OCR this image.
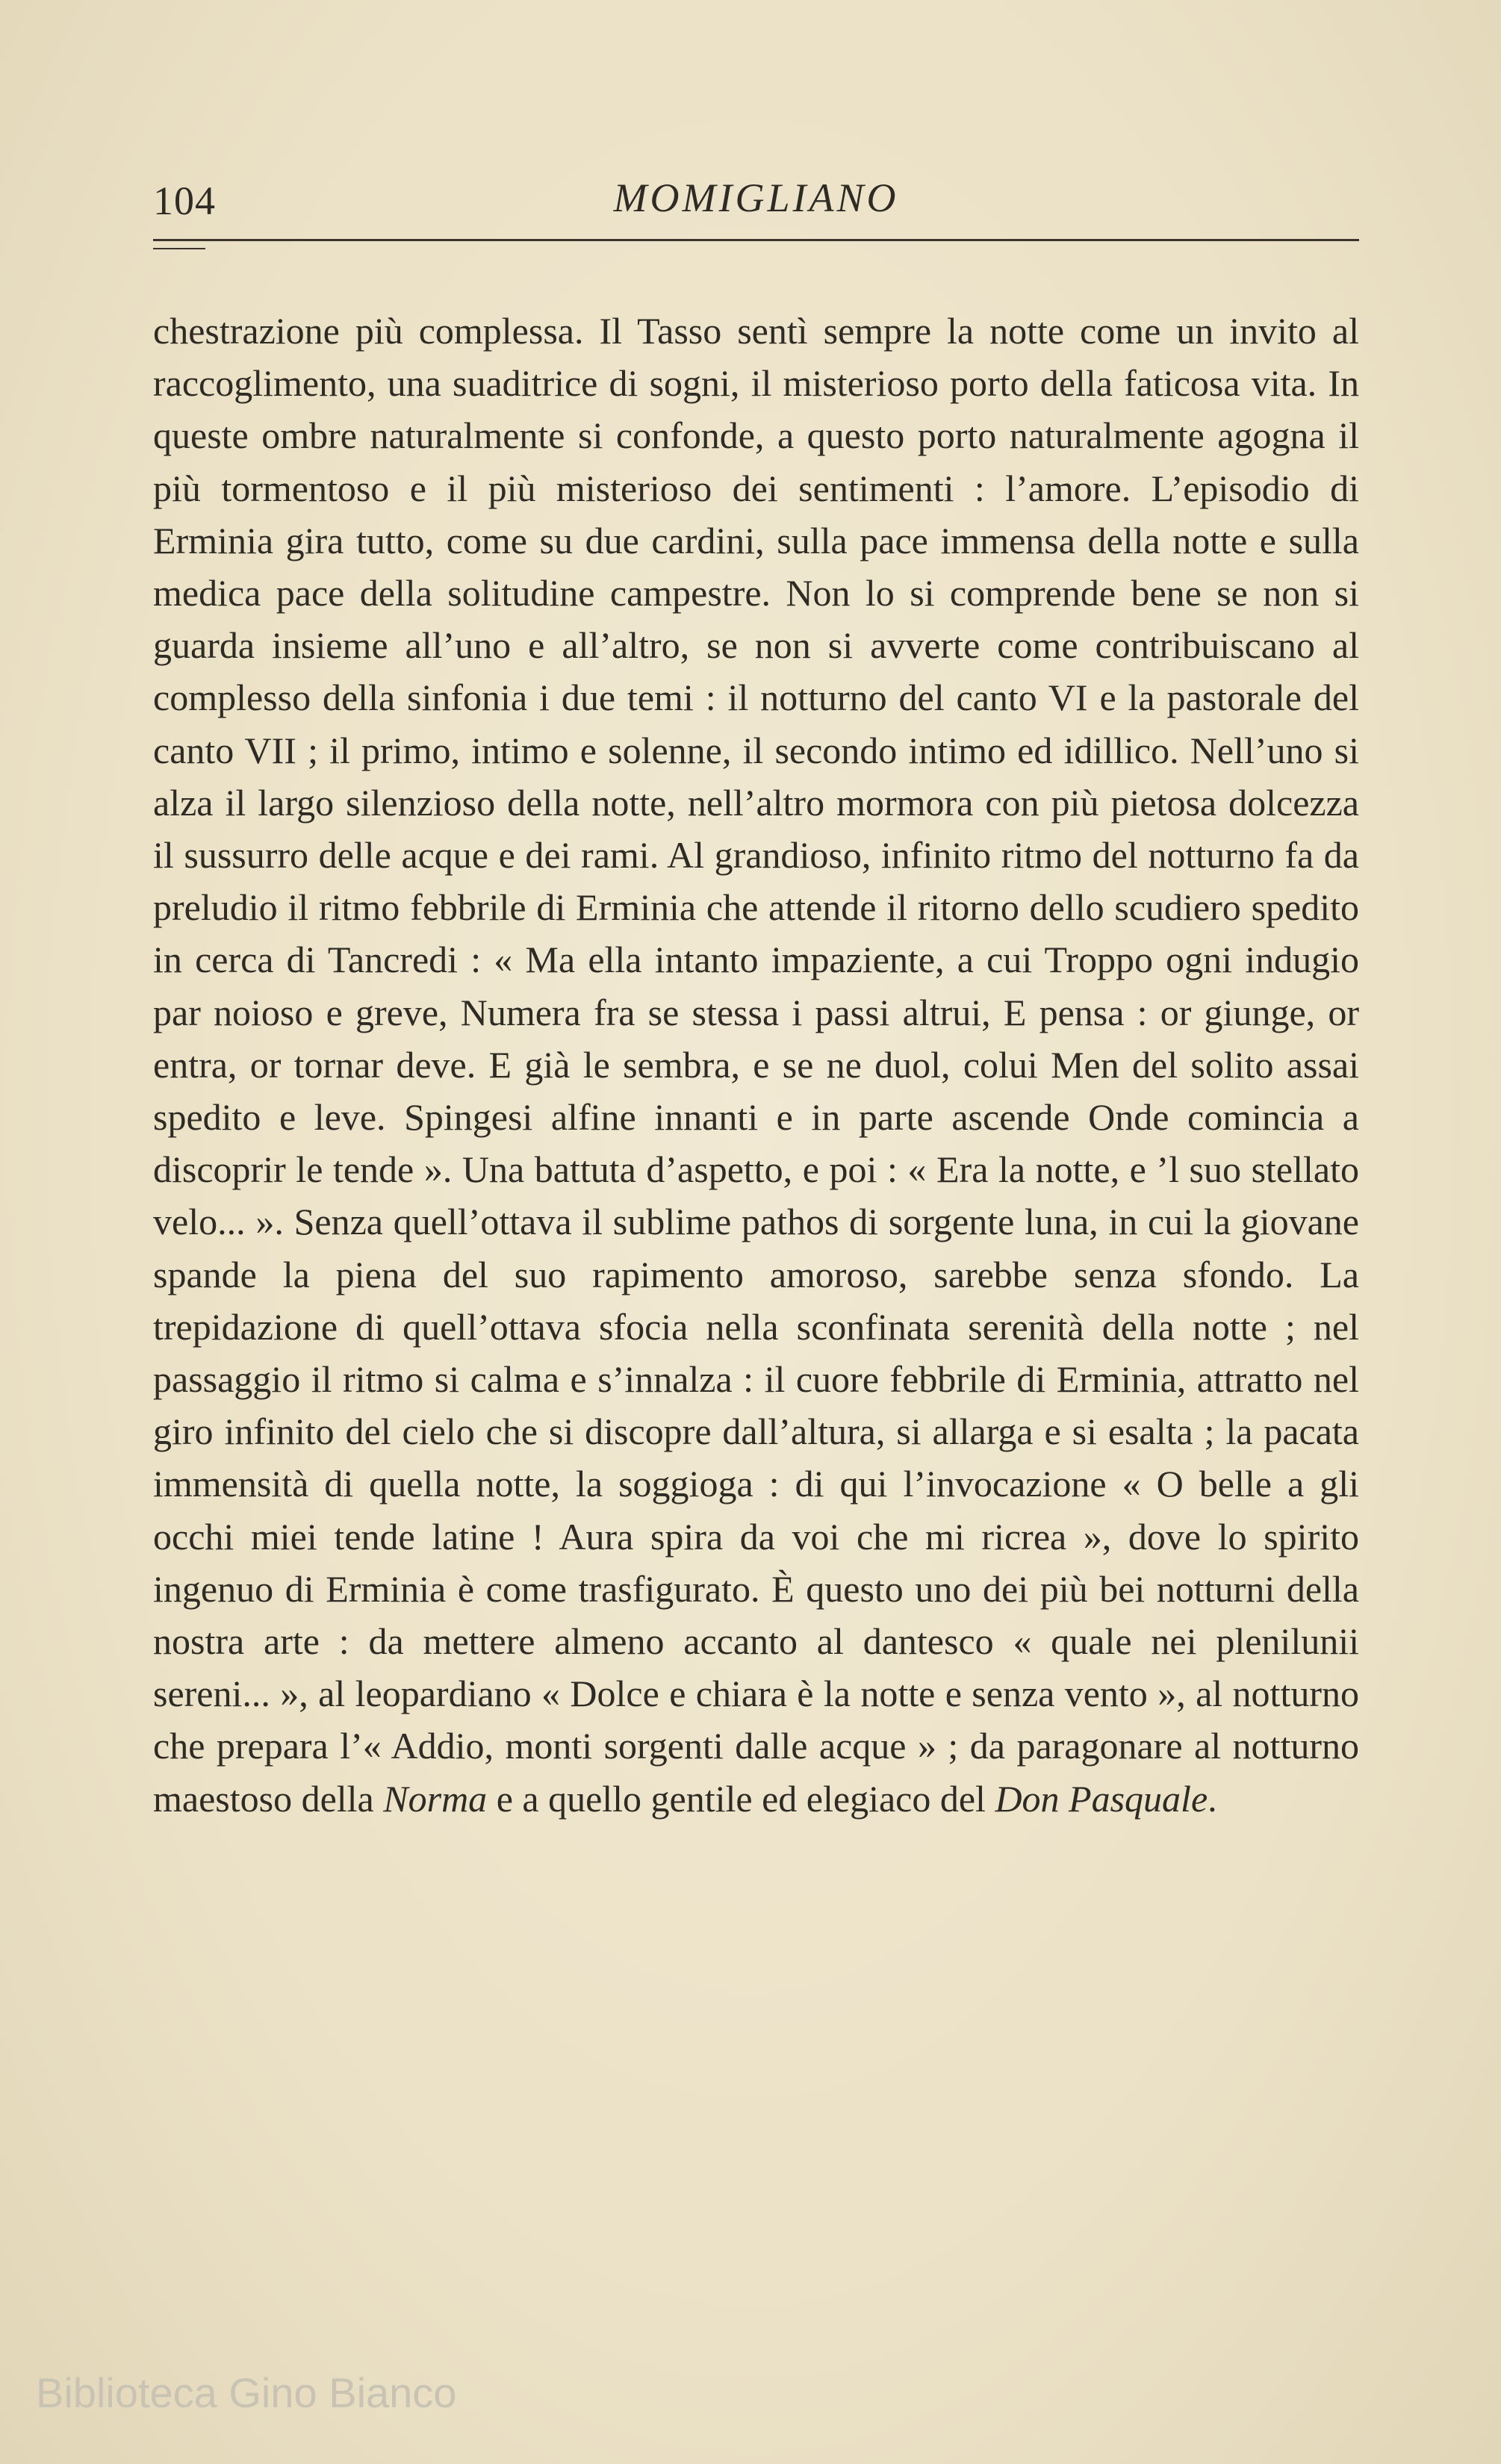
104	MOMIGLIANO
chestrazione più complessa. Il Tasso sentì sempre la notte come un invito al raccoglimento, una suaditrice di sogni, il misterioso porto della faticosa vita. In queste ombre naturalmente si confonde, a questo porto naturalmente agogna il più tormentoso e il più misterioso dei sentimenti : l’amore. L’episodio di Erminia gira tutto, come su due cardini, sulla pace immensa della notte e sulla medica pace della solitudine campestre. Non lo si comprende bene se non si guarda insieme all’uno e all’altro, se non si avverte come contribuiscano al complesso della sinfonia i due temi : il notturno del canto VI e la pastorale del canto VII ; il primo, intimo e solenne, il secondo intimo ed idillico. Nell’uno si alza il largo silenzioso della notte, nell’altro mormora con più pietosa dolcezza il sussurro delle acque e dei rami. Al grandioso, infinito ritmo del notturno fa da preludio il ritmo febbrile di Erminia che attende il ritorno dello scudiero spedito in cerca di Tancredi : « Ma ella intanto impaziente, a cui Troppo ogni indugio par noioso e greve, Numera fra se stessa i passi altrui, E pensa : or giunge, or entra, or tornar deve. E già le sembra, e se ne duol, colui Men del solito assai spedito e leve. Spingesi alfine innanti e in parte ascende Onde comincia a discoprir le tende ». Una battuta d’aspetto, e poi : « Era la notte, e ’l suo stellato velo... ». Senza quell’ottava il sublime pathos di sorgente luna, in cui la giovane spande la piena del suo rapimento amoroso, sarebbe senza sfondo. La trepidazione di quell’ottava sfocia nella sconfinata serenità della notte ; nel passaggio il ritmo si calma e s’innalza : il cuore febbrile di Erminia, attratto nel giro infinito del cielo che si discopre dall’altura, si allarga e si esalta ; la pacata immensità di quella notte, la soggioga : di qui l’invocazione « O belle a gli occhi miei tende latine ! Aura spira da voi che mi ricrea », dove lo spirito ingenuo di Erminia è come trasfigurato. È questo uno dei più bei notturni della nostra arte : da mettere almeno accanto al dantesco « quale nei plenilunii sereni... », al leopardiano « Dolce e chiara è la notte e senza vento », al notturno che prepara l’« Addio, monti sorgenti dalle acque » ; da paragonare al notturno maestoso della Norma e a quello gentile ed elegiaco del Don Pasquale.
Biblioteca Gino Bianco
